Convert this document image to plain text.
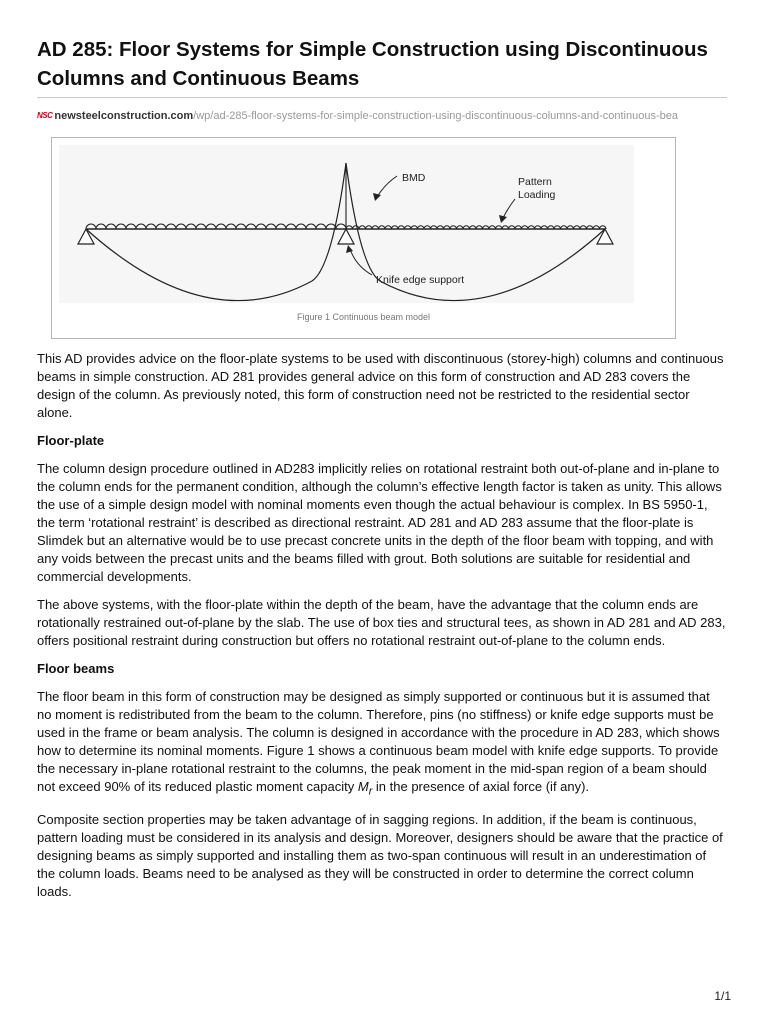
AD 285: Floor Systems for Simple Construction using Discontinuous Columns and Continuous Beams
NSC newsteelconstruction.com/wp/ad-285-floor-systems-for-simple-construction-using-discontinuous-columns-and-continuous-bea
BMD	Pattern
Loading
Knife edge support
Figure 1 Continuous beam model

This AD provides advice on the floor-plate systems to be used with discontinuous (storey-high) columns and continuous beams in simple construction. AD 281 provides general advice on this form of construction and AD 283 covers the design of the column. As previously noted, this form of construction need not be restricted to the residential sector alone.

Floor-plate

The column design procedure outlined in AD283 implicitly relies on rotational restraint both out-of-plane and in-plane to the column ends for the permanent condition, although the column’s effective length factor is taken as unity. This allows the use of a simple design model with nominal moments even though the actual behaviour is complex. In BS 5950-1, the term ‘rotational restraint’ is described as directional restraint. AD 281 and AD 283 assume that the floor-plate is Slimdek but an alternative would be to use precast concrete units in the depth of the floor beam with topping, and with any voids between the precast units and the beams filled with grout. Both solutions are suitable for residential and commercial developments.

The above systems, with the floor-plate within the depth of the beam, have the advantage that the column ends are rotationally restrained out-of-plane by the slab. The use of box ties and structural tees, as shown in AD 281 and AD 283, offers positional restraint during construction but offers no rotational restraint out-of-plane to the column ends.

Floor beams

The floor beam in this form of construction may be designed as simply supported or continuous but it is assumed that no moment is redistributed from the beam to the column. Therefore, pins (no stiffness) or knife edge supports must be used in the frame or beam analysis. The column is designed in accordance with the procedure in AD 283, which shows how to determine its nominal moments. Figure 1 shows a continuous beam model with knife edge supports. To provide the necessary in-plane rotational restraint to the columns, the peak moment in the mid-span region of a beam should not exceed 90% of its reduced plastic moment capacity $M_r$ in the presence of axial force (if any).

Composite section properties may be taken advantage of in sagging regions. In addition, if the beam is continuous, pattern loading must be considered in its analysis and design. Moreover, designers should be aware that the practice of designing beams as simply supported and installing them as two-span continuous will result in an underestimation of the column loads. Beams need to be analysed as they will be constructed in order to determine the correct column loads.

1/1
